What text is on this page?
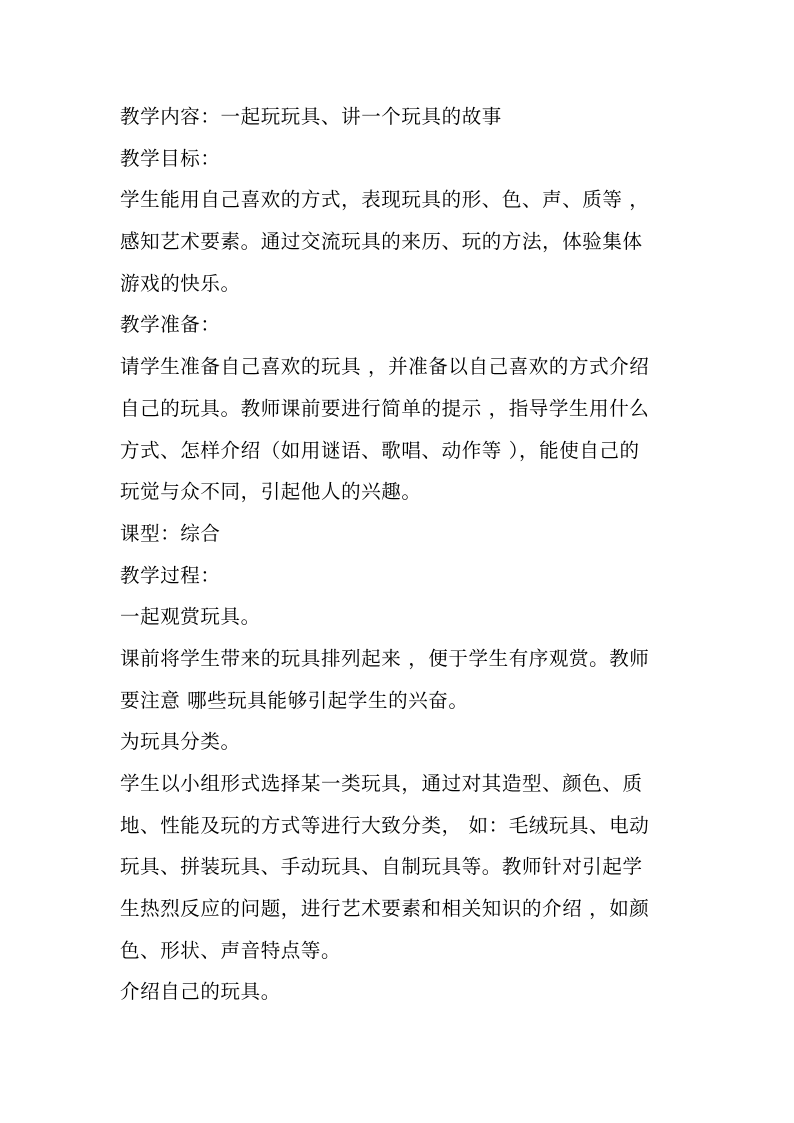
教学内容：一起玩玩具、讲一个玩具的故事
教学目标：
学生能用自己喜欢的方式，表现玩具的形、色、声、质等 ，
感知艺术要素。通过交流玩具的来历、玩的方法，体验集体
游戏的快乐。
教学准备：
请学生准备自己喜欢的玩具 ，并准备以自己喜欢的方式介绍
自己的玩具。教师课前要进行简单的提示 ，指导学生用什么
方式、怎样介绍（如用谜语、歌唱、动作等 ），能使自己的
玩觉与众不同，引起他人的兴趣。
课型：综合
教学过程：
一起观赏玩具。
课前将学生带来的玩具排列起来 ，便于学生有序观赏。教师
要注意 哪些玩具能够引起学生的兴奋。
为玩具分类。
学生以小组形式选择某一类玩具，通过对其造型、颜色、质
地、性能及玩的方式等进行大致分类， 如：毛绒玩具、电动
玩具、拼装玩具、手动玩具、自制玩具等。教师针对引起学
生热烈反应的问题，进行艺术要素和相关知识的介绍 ，如颜
色、形状、声音特点等。
介绍自己的玩具。
